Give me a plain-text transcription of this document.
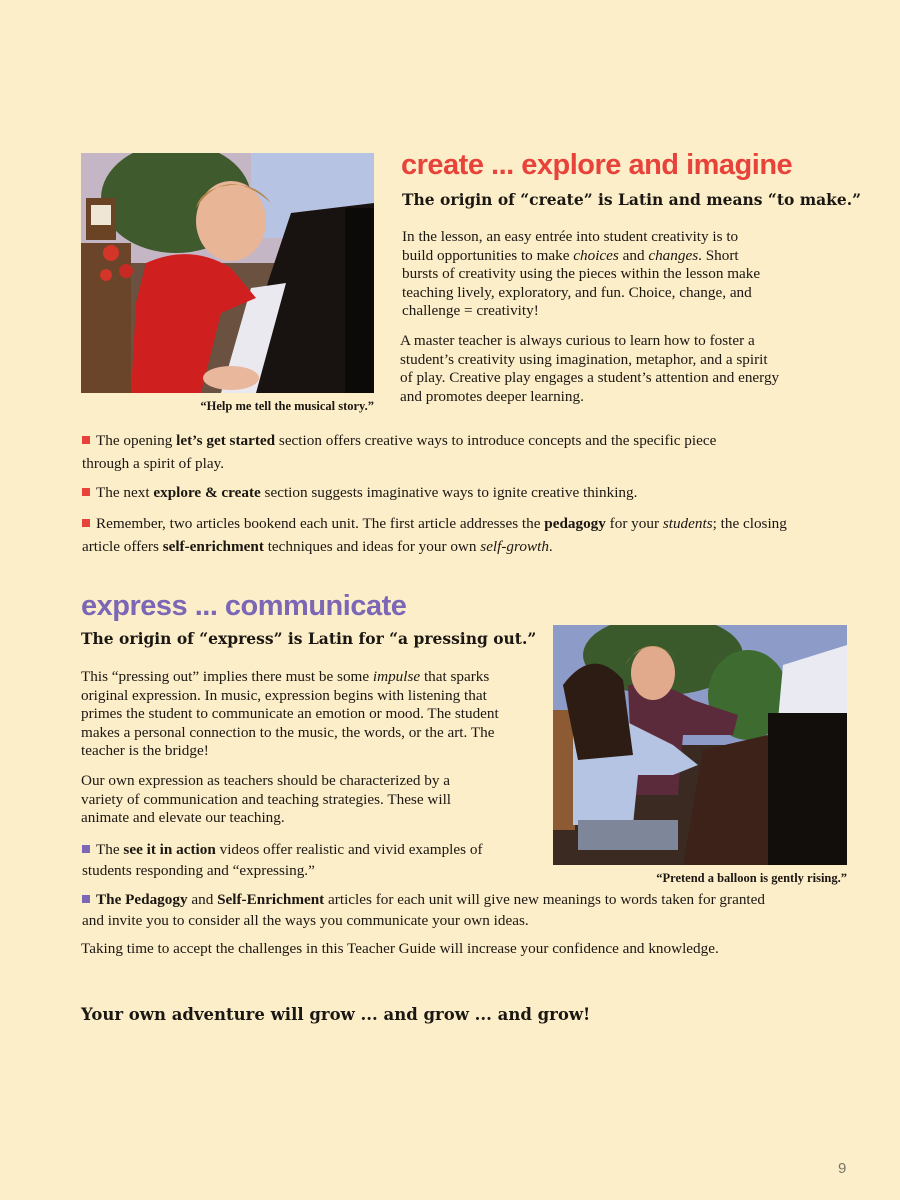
“Help me tell the musical story.”
create ... explore and imagine
The origin of “create” is Latin and means “to make.”
In the lesson, an easy entrée into student creativity is to build opportunities to make choices and changes. Short bursts of creativity using the pieces within the lesson make teaching lively, exploratory, and fun. Choice, change, and challenge = creativity!
A master teacher is always curious to learn how to foster a student’s creativity using imagination, metaphor, and a spirit of play. Creative play engages a student’s attention and energy and promotes deeper learning.
The opening let’s get started section offers creative ways to introduce concepts and the specific piece through a spirit of play.
The next explore & create section suggests imaginative ways to ignite creative thinking.
Remember, two articles bookend each unit. The first article addresses the pedagogy for your students; the closing article offers self-enrichment techniques and ideas for your own self-growth.
express ... communicate
The origin of “express” is Latin for “a pressing out.”
This “pressing out” implies there must be some impulse that sparks original expression. In music, expression begins with listening that primes the student to communicate an emotion or mood. The student makes a personal connection to the music, the words, or the art. The teacher is the bridge!
Our own expression as teachers should be characterized by a variety of communication and teaching strategies. These will animate and elevate our teaching.
“Pretend a balloon is gently rising.”
The see it in action videos offer realistic and vivid examples of students responding and “expressing.”
The Pedagogy and Self-Enrichment articles for each unit will give new meanings to words taken for granted and invite you to consider all the ways you communicate your own ideas.
Taking time to accept the challenges in this Teacher Guide will increase your confidence and knowledge.
Your own adventure will grow ... and grow ... and grow!
9
